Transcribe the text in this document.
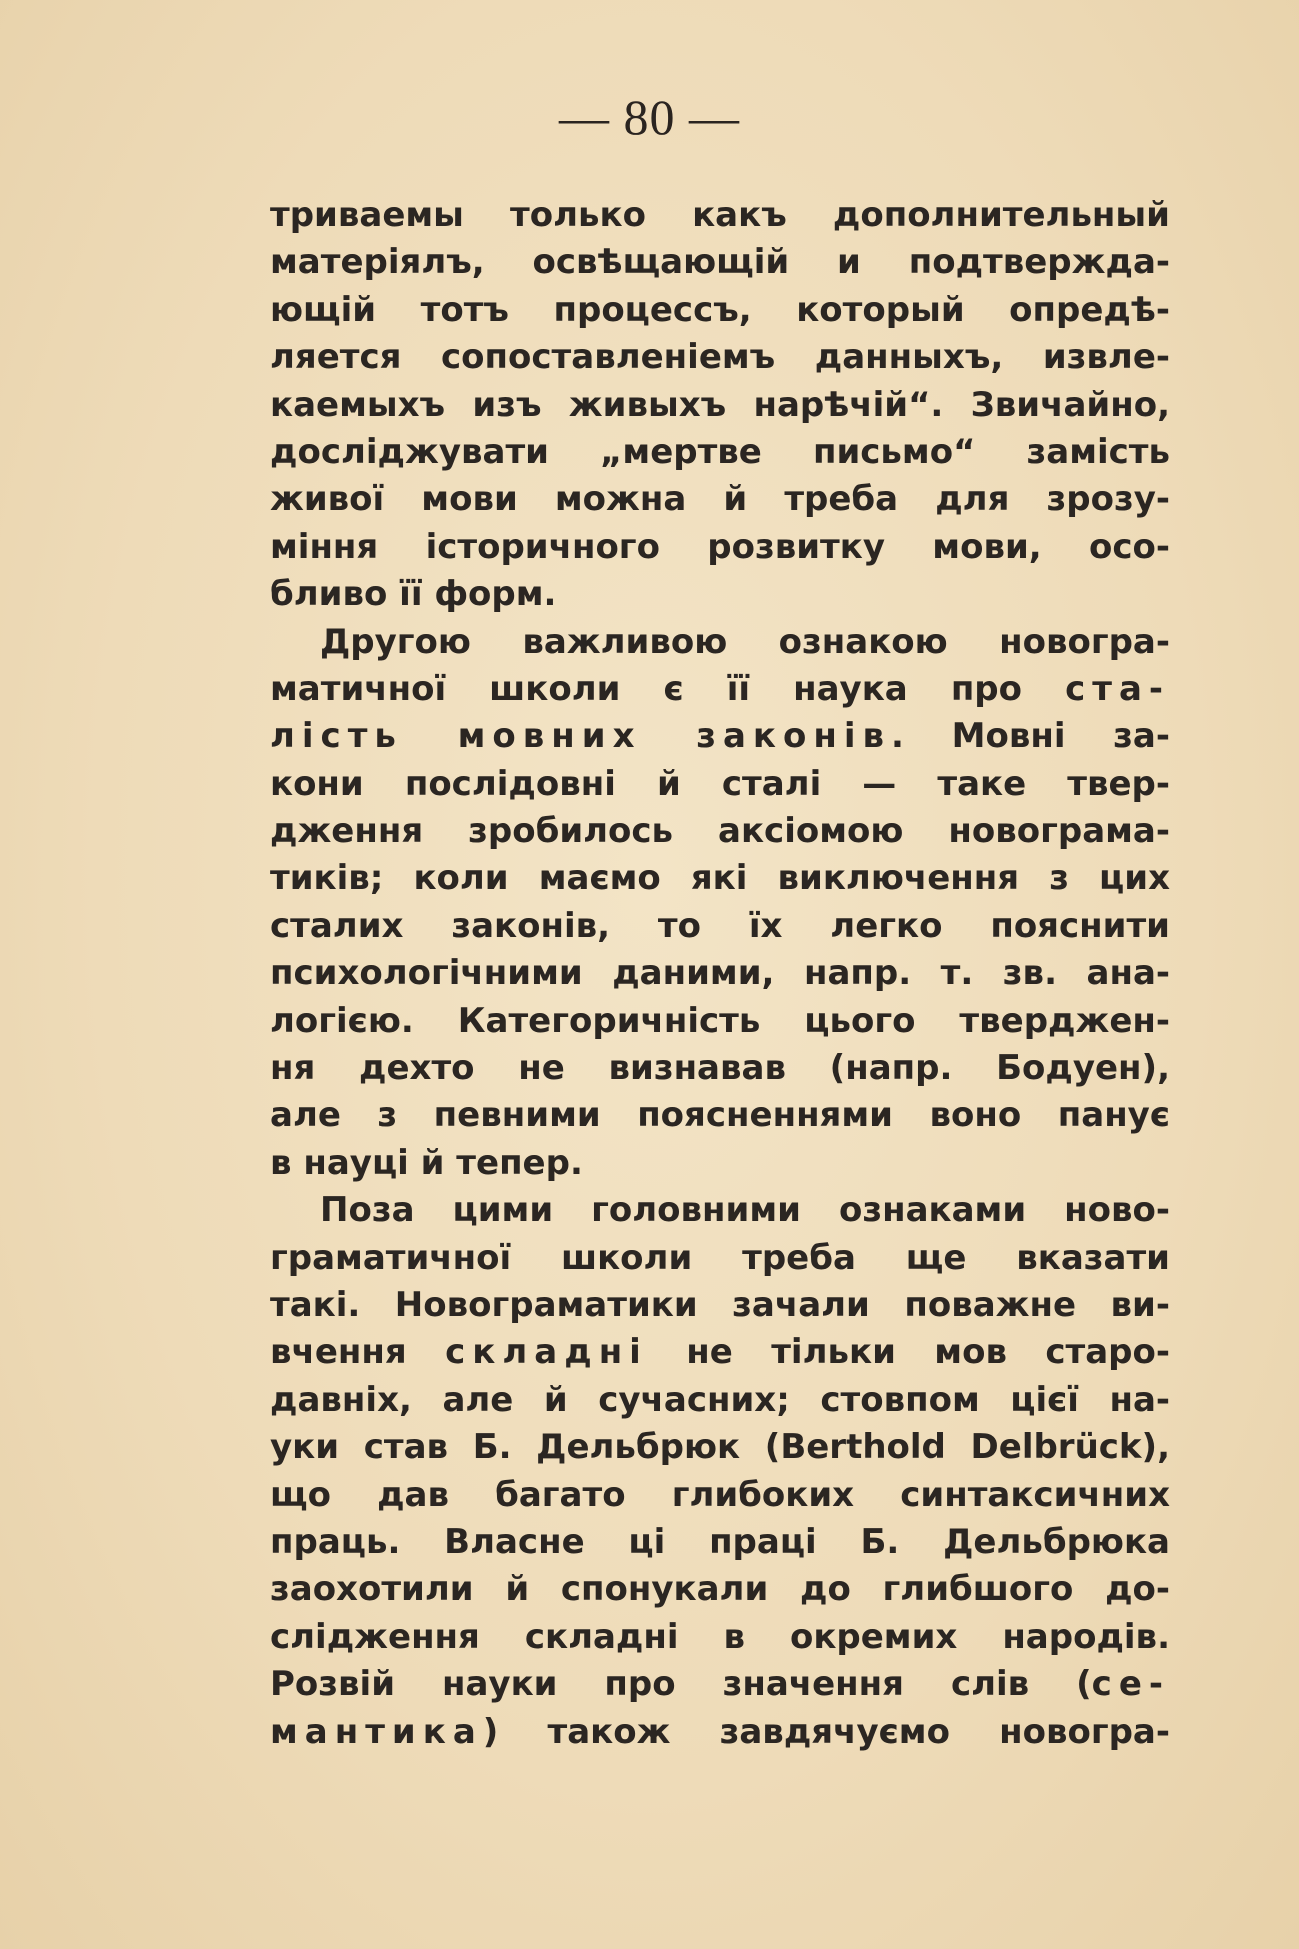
— 80 —
триваемы только какъ дополнительный
матеріялъ, освѣщающій и подтвержда-
ющій тотъ процессъ, который опредѣ-
ляется сопоставленіемъ данныхъ, извле-
каемыхъ изъ живыхъ нарѣчій“. Звичайно,
досліджувати „мертве письмо“ замість
живої мови можна й треба для зрозу-
міння історичного розвитку мови, осо-
бливо її форм.
Другою важливою ознакою новогра-
матичної школи є її наука про ста-
лість мовних законів. Мовні за-
кони послідовні й сталі — таке твер-
дження зробилось аксіомою новограма-
тиків; коли маємо які виключення з цих
сталих законів, то їх легко пояснити
психологічними даними, напр. т. зв. ана-
логією. Категоричність цього тверджен-
ня дехто не визнавав (напр. Бодуен),
але з певними поясненнями воно панує
в науці й тепер.
Поза цими головними ознаками ново-
граматичної школи треба ще вказати
такі. Новограматики зачали поважне ви-
вчення складні не тільки мов старо-
давніх, але й сучасних; стовпом цієї на-
уки став Б. Дельбрюк (Berthold Delbrück),
що дав багато глибоких синтаксичних
праць. Власне ці праці Б. Дельбрюка
заохотили й спонукали до глибшого до-
слідження складні в окремих народів.
Розвій науки про значення слів (се-
мантика) також завдячуємо новогра-
